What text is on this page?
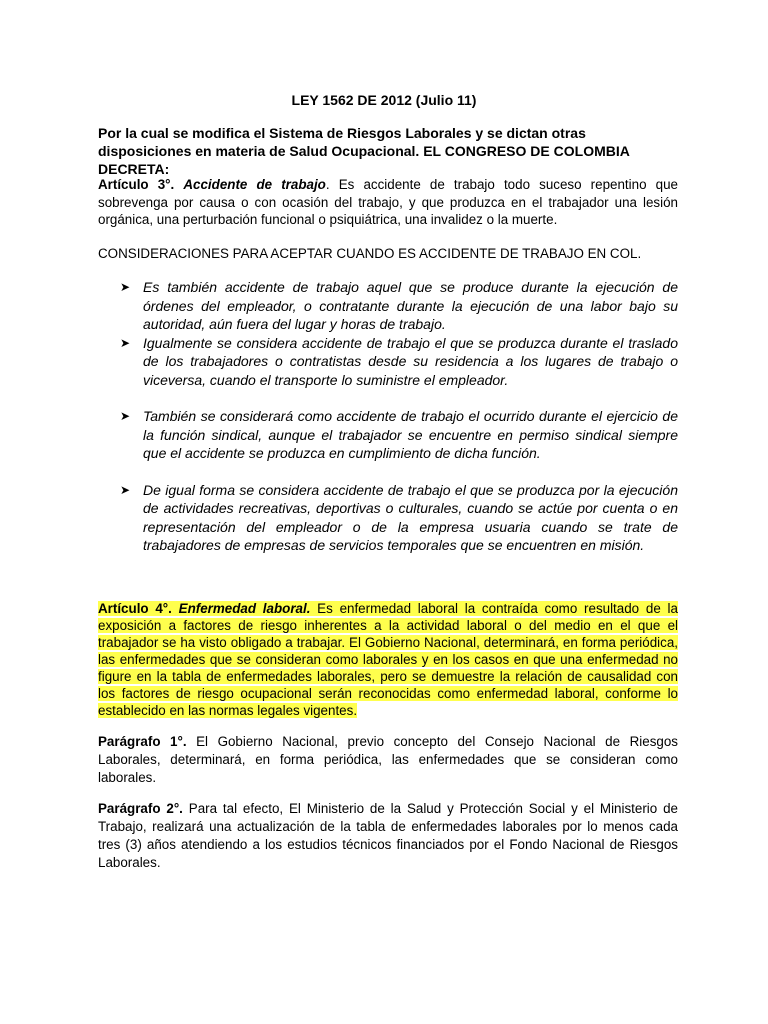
LEY 1562 DE 2012 (Julio 11)
Por la cual se modifica el Sistema de Riesgos Laborales y se dictan otras disposiciones en materia de Salud Ocupacional. EL CONGRESO DE COLOMBIA DECRETA:
Artículo 3°. Accidente de trabajo. Es accidente de trabajo todo suceso repentino que sobrevenga por causa o con ocasión del trabajo, y que produzca en el trabajador una lesión orgánica, una perturbación funcional o psiquiátrica, una invalidez o la muerte.
CONSIDERACIONES PARA ACEPTAR CUANDO ES ACCIDENTE DE TRABAJO EN COL.
➤ Es también accidente de trabajo aquel que se produce durante la ejecución de órdenes del empleador, o contratante durante la ejecución de una labor bajo su autoridad, aún fuera del lugar y horas de trabajo.
➤ Igualmente se considera accidente de trabajo el que se produzca durante el traslado de los trabajadores o contratistas desde su residencia a los lugares de trabajo o viceversa, cuando el transporte lo suministre el empleador.
➤ También se considerará como accidente de trabajo el ocurrido durante el ejercicio de la función sindical, aunque el trabajador se encuentre en permiso sindical siempre que el accidente se produzca en cumplimiento de dicha función.
➤ De igual forma se considera accidente de trabajo el que se produzca por la ejecución de actividades recreativas, deportivas o culturales, cuando se actúe por cuenta o en representación del empleador o de la empresa usuaria cuando se trate de trabajadores de empresas de servicios temporales que se encuentren en misión.
Artículo 4°. Enfermedad laboral. Es enfermedad laboral la contraída como resultado de la exposición a factores de riesgo inherentes a la actividad laboral o del medio en el que el trabajador se ha visto obligado a trabajar. El Gobierno Nacional, determinará, en forma periódica, las enfermedades que se consideran como laborales y en los casos en que una enfermedad no figure en la tabla de enfermedades laborales, pero se demuestre la relación de causalidad con los factores de riesgo ocupacional serán reconocidas como enfermedad laboral, conforme lo establecido en las normas legales vigentes.
Parágrafo 1°. El Gobierno Nacional, previo concepto del Consejo Nacional de Riesgos Laborales, determinará, en forma periódica, las enfermedades que se consideran como laborales.
Parágrafo 2°. Para tal efecto, El Ministerio de la Salud y Protección Social y el Ministerio de Trabajo, realizará una actualización de la tabla de enfermedades laborales por lo menos cada tres (3) años atendiendo a los estudios técnicos financiados por el Fondo Nacional de Riesgos Laborales.
